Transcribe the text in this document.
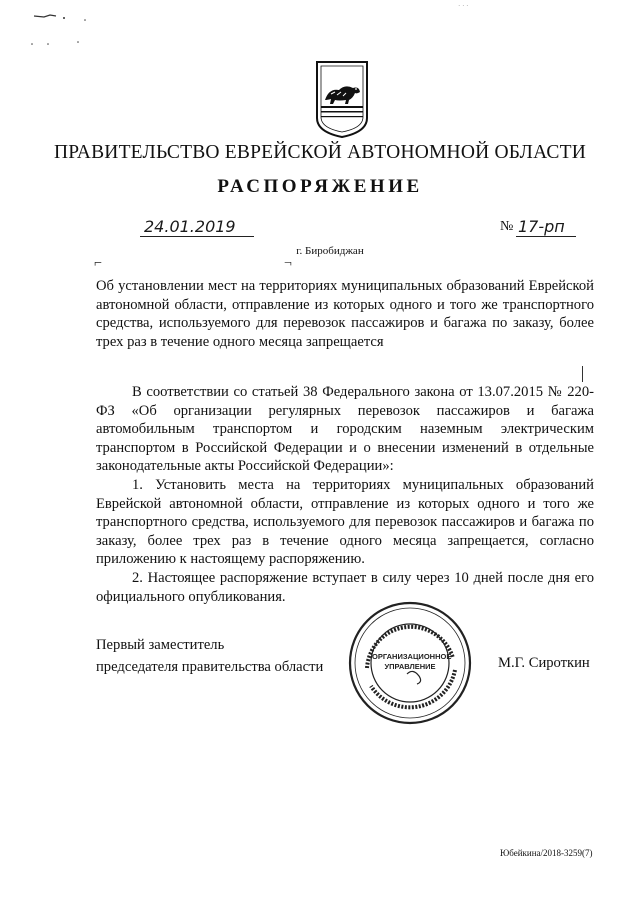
· · ·
ПРАВИТЕЛЬСТВО ЕВРЕЙСКОЙ АВТОНОМНОЙ ОБЛАСТИ
РАСПОРЯЖЕНИЕ
24.01.2019	№ 17-рп
г. Биробиджан
⌐	¬
Об установлении мест на территориях муниципальных образований Еврейской автономной области, отправление из которых одного и того же транспортного средства, используемого для перевозок пассажиров и багажа по заказу, более трех раз в течение одного месяца запрещается

В соответствии со статьей 38 Федерального закона от 13.07.2015 № 220-ФЗ «Об организации регулярных перевозок пассажиров и багажа автомобильным транспортом и городским наземным электрическим транспортом в Российской Федерации и о внесении изменений в отдельные законодательные акты Российской Федерации»:

1. Установить места на территориях муниципальных образований Еврейской автономной области, отправление из которых одного и того же транспортного средства, используемого для перевозок пассажиров и багажа по заказу, более трех раз в течение одного месяца запрещается, согласно приложению к настоящему распоряжению.

2. Настоящее распоряжение вступает в силу через 10 дней после дня его официального опубликования.

Первый заместитель
председателя правительства области
ОРГАНИЗАЦИОННОЕ
УПРАВЛЕНИЕ	М.Г. Сироткин
Юбейкина/2018-3259(7)
